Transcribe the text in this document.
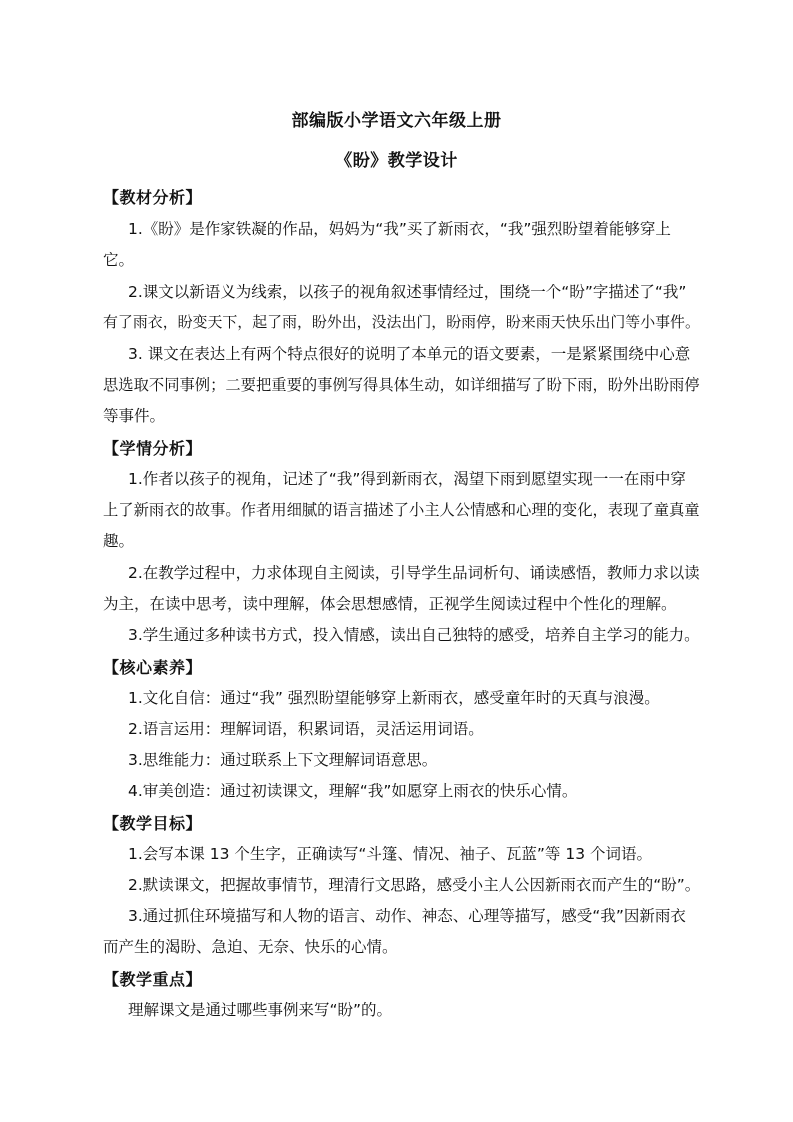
部编版小学语文六年级上册
《盼》教学设计
【教材分析】
1.《盼》是作家铁凝的作品，妈妈为“我”买了新雨衣，“我”强烈盼望着能够穿上
它。
2.课文以新语义为线索，以孩子的视角叙述事情经过，围绕一个“盼”字描述了“我”
有了雨衣，盼变天下，起了雨，盼外出，没法出门，盼雨停，盼来雨天快乐出门等小事件。
3. 课文在表达上有两个特点很好的说明了本单元的语文要素，一是紧紧围绕中心意
思选取不同事例；二要把重要的事例写得具体生动，如详细描写了盼下雨，盼外出盼雨停
等事件。
【学情分析】
1.作者以孩子的视角，记述了“我”得到新雨衣，渴望下雨到愿望实现一一在雨中穿
上了新雨衣的故事。作者用细腻的语言描述了小主人公情感和心理的变化，表现了童真童
趣。
2.在教学过程中，力求体现自主阅读，引导学生品词析句、诵读感悟，教师力求以读
为主，在读中思考，读中理解，体会思想感情，正视学生阅读过程中个性化的理解。
3.学生通过多种读书方式，投入情感，读出自己独特的感受，培养自主学习的能力。
【核心素养】
1.文化自信：通过“我” 强烈盼望能够穿上新雨衣，感受童年时的天真与浪漫。
2.语言运用：理解词语，积累词语，灵活运用词语。
3.思维能力：通过联系上下文理解词语意思。
4.审美创造：通过初读课文，理解“我”如愿穿上雨衣的快乐心情。
【教学目标】
1.会写本课 13 个生字，正确读写“斗篷、情况、袖子、瓦蓝”等 13 个词语。
2.默读课文，把握故事情节，理清行文思路，感受小主人公因新雨衣而产生的“盼”。
3.通过抓住环境描写和人物的语言、动作、神态、心理等描写，感受“我”因新雨衣
而产生的渴盼、急迫、无奈、快乐的心情。
【教学重点】
理解课文是通过哪些事例来写“盼”的。
